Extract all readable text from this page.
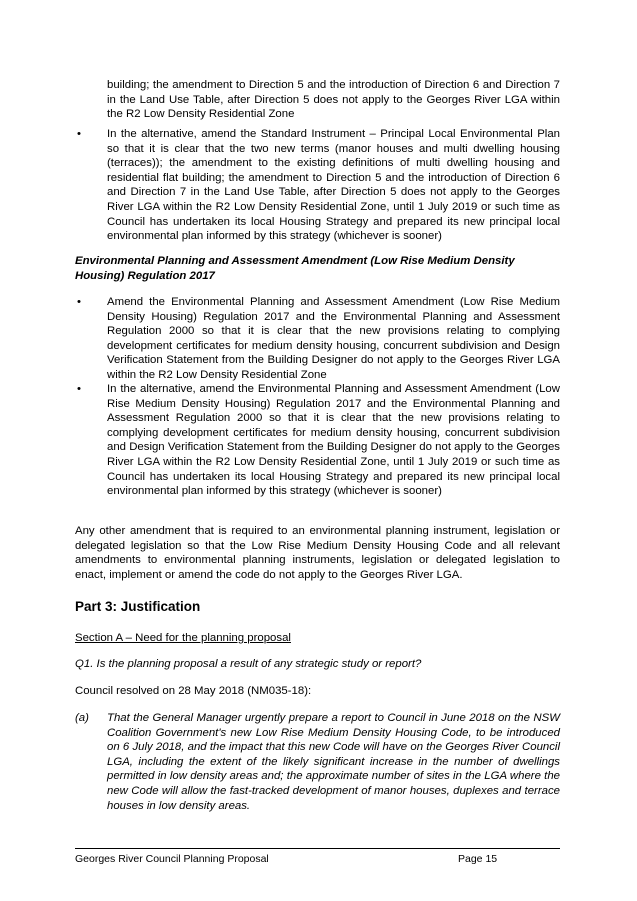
building; the amendment to Direction 5 and the introduction of Direction 6 and Direction 7 in the Land Use Table, after Direction 5 does not apply to the Georges River LGA within the R2 Low Density Residential Zone
• In the alternative, amend the Standard Instrument – Principal Local Environmental Plan so that it is clear that the two new terms (manor houses and multi dwelling housing (terraces)); the amendment to the existing definitions of multi dwelling housing and residential flat building; the amendment to Direction 5 and the introduction of Direction 6 and Direction 7 in the Land Use Table, after Direction 5 does not apply to the Georges River LGA within the R2 Low Density Residential Zone, until 1 July 2019 or such time as Council has undertaken its local Housing Strategy and prepared its new principal local environmental plan informed by this strategy (whichever is sooner)
Environmental Planning and Assessment Amendment (Low Rise Medium Density Housing) Regulation 2017
• Amend the Environmental Planning and Assessment Amendment (Low Rise Medium Density Housing) Regulation 2017 and the Environmental Planning and Assessment Regulation 2000 so that it is clear that the new provisions relating to complying development certificates for medium density housing, concurrent subdivision and Design Verification Statement from the Building Designer do not apply to the Georges River LGA within the R2 Low Density Residential Zone
• In the alternative, amend the Environmental Planning and Assessment Amendment (Low Rise Medium Density Housing) Regulation 2017 and the Environmental Planning and Assessment Regulation 2000 so that it is clear that the new provisions relating to complying development certificates for medium density housing, concurrent subdivision and Design Verification Statement from the Building Designer do not apply to the Georges River LGA within the R2 Low Density Residential Zone, until 1 July 2019 or such time as Council has undertaken its local Housing Strategy and prepared its new principal local environmental plan informed by this strategy (whichever is sooner)
Any other amendment that is required to an environmental planning instrument, legislation or delegated legislation so that the Low Rise Medium Density Housing Code and all relevant amendments to environmental planning instruments, legislation or delegated legislation to enact, implement or amend the code do not apply to the Georges River LGA.
Part 3: Justification
Section A – Need for the planning proposal
Q1. Is the planning proposal a result of any strategic study or report?
Council resolved on 28 May 2018 (NM035-18):
(a) That the General Manager urgently prepare a report to Council in June 2018 on the NSW Coalition Government's new Low Rise Medium Density Housing Code, to be introduced on 6 July 2018, and the impact that this new Code will have on the Georges River Council LGA, including the extent of the likely significant increase in the number of dwellings permitted in low density areas and; the approximate number of sites in the LGA where the new Code will allow the fast-tracked development of manor houses, duplexes and terrace houses in low density areas.
Georges River Council Planning Proposal	Page 15
